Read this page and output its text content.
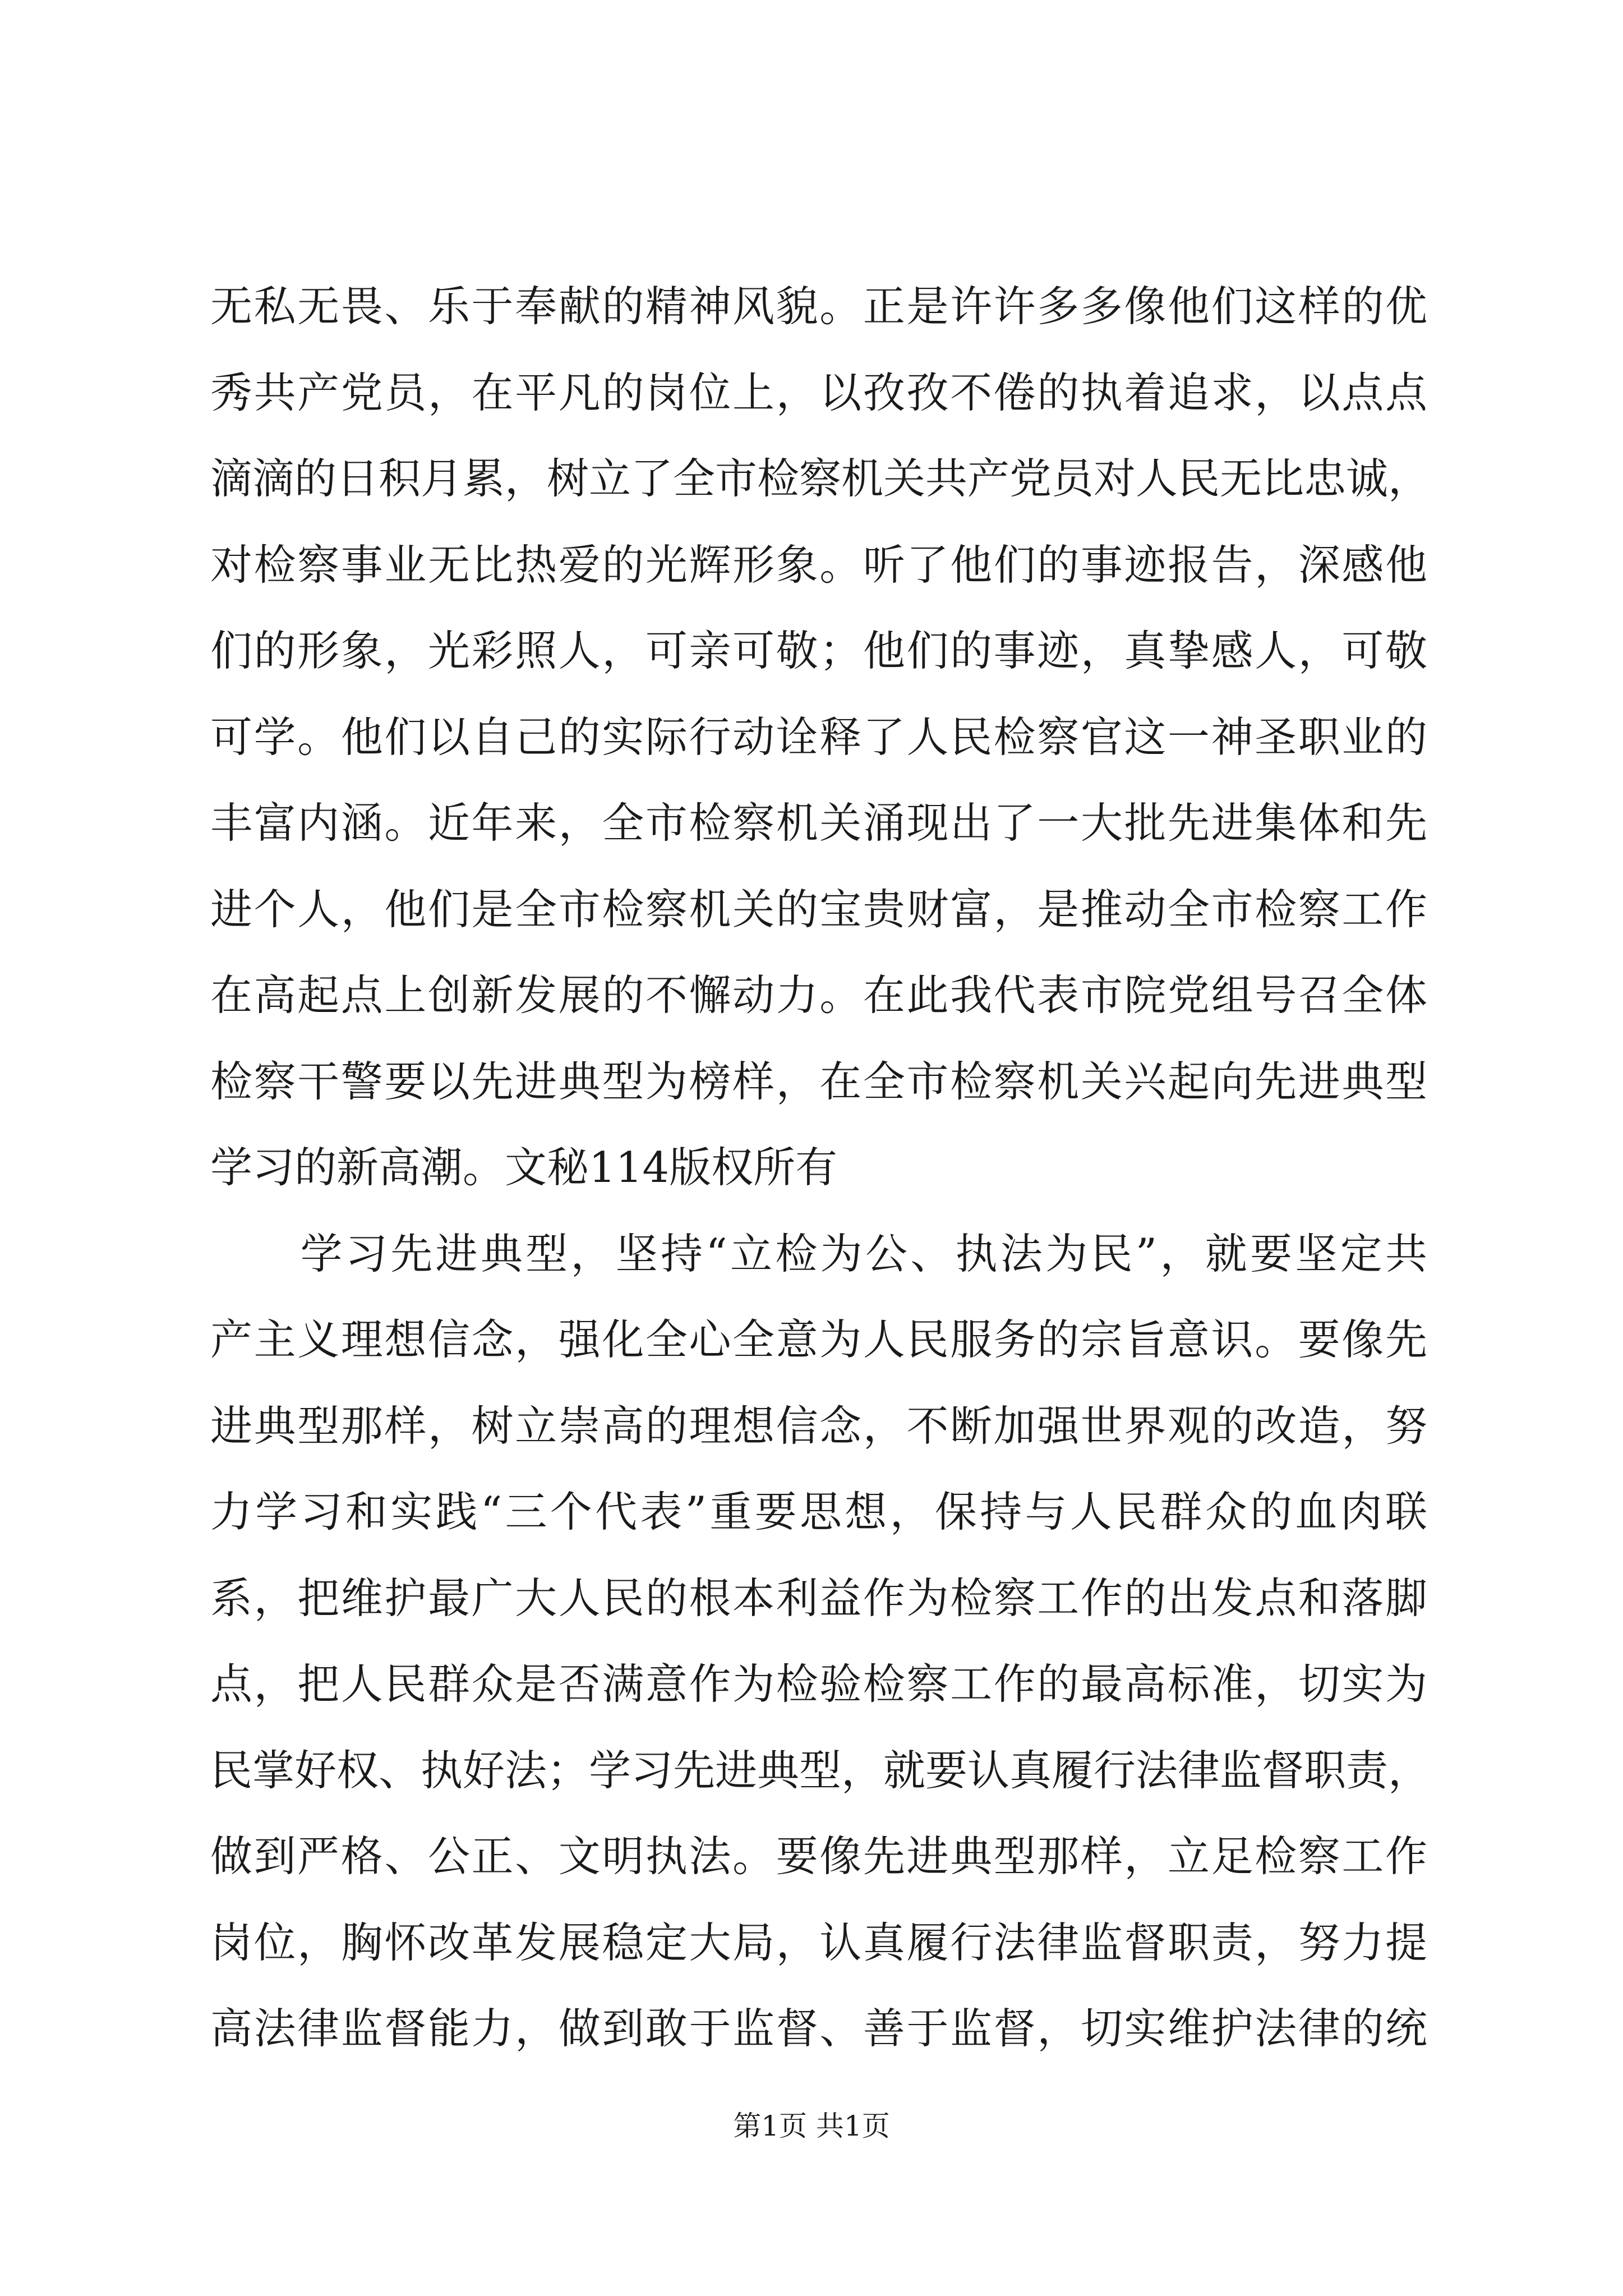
无私无畏、乐于奉献的精神风貌。正是许许多多像他们这样的优
秀共产党员，在平凡的岗位上，以孜孜不倦的执着追求，以点点
滴滴的日积月累，树立了全市检察机关共产党员对人民无比忠诚，
对检察事业无比热爱的光辉形象。听了他们的事迹报告，深感他
们的形象，光彩照人，可亲可敬；他们的事迹，真挚感人，可敬
可学。他们以自己的实际行动诠释了人民检察官这一神圣职业的
丰富内涵。近年来，全市检察机关涌现出了一大批先进集体和先
进个人，他们是全市检察机关的宝贵财富，是推动全市检察工作
在高起点上创新发展的不懈动力。在此我代表市院党组号召全体
检察干警要以先进典型为榜样，在全市检察机关兴起向先进典型
学习的新高潮。文秘114版权所有
　　学习先进典型，坚持“立检为公、执法为民”，就要坚定共
产主义理想信念，强化全心全意为人民服务的宗旨意识。要像先
进典型那样，树立崇高的理想信念，不断加强世界观的改造，努
力学习和实践“三个代表”重要思想，保持与人民群众的血肉联
系，把维护最广大人民的根本利益作为检察工作的出发点和落脚
点，把人民群众是否满意作为检验检察工作的最高标准，切实为
民掌好权、执好法；学习先进典型，就要认真履行法律监督职责，
做到严格、公正、文明执法。要像先进典型那样，立足检察工作
岗位，胸怀改革发展稳定大局，认真履行法律监督职责，努力提
高法律监督能力，做到敢于监督、善于监督，切实维护法律的统
第1页 共1页
